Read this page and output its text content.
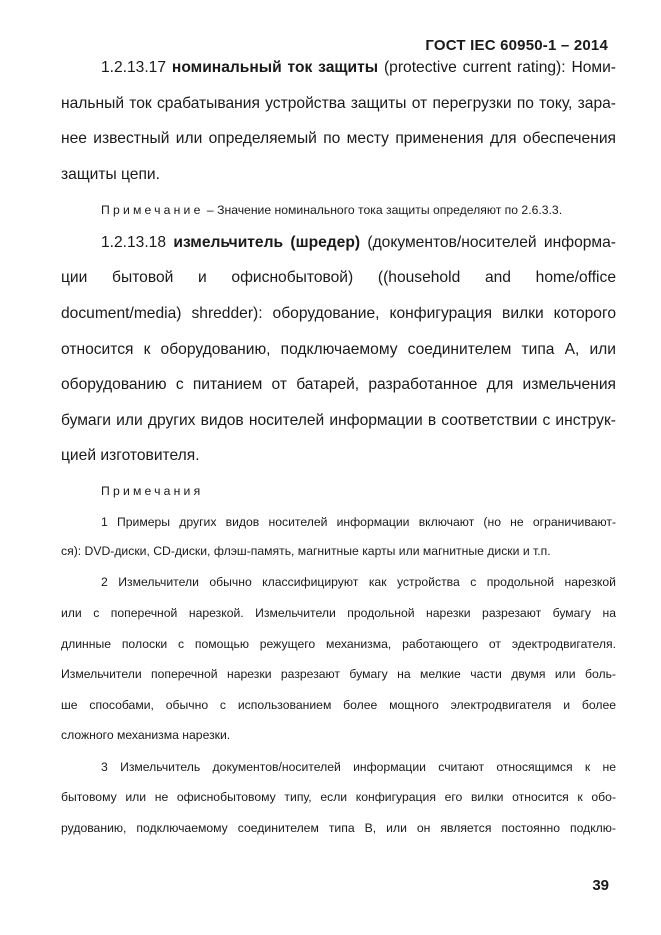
ГОСТ IEC 60950-1 – 2014
1.2.13.17 номинальный ток защиты (protective current rating): Номи-
нальный ток срабатывания устройства защиты от перегрузки по току, зара-
нее известный или определяемый по месту применения для обеспечения
защиты цепи.
Примечание – Значение номинального тока защиты определяют по 2.6.3.3.
1.2.13.18 измельчитель (шредер) (документов/носителей информа-
ции бытовой и офиснобытовой) ((household and home/office
document/media) shredder): оборудование, конфигурация вилки которого
относится к оборудованию, подключаемому соединителем типа А, или
оборудованию с питанием от батарей, разработанное для измельчения
бумаги или других видов носителей информации в соответствии с инструк-
цией изготовителя.
Примечания
1 Примеры других видов носителей информации включают (но не ограничивают-
ся): DVD-диски, CD-диски, флэш-память, магнитные карты или магнитные диски и т.п.
2 Измельчители обычно классифицируют как устройства с продольной нарезкой
или с поперечной нарезкой. Измельчители продольной нарезки разрезают бумагу на
длинные полоски с помощью режущего механизма, работающего от эдектродвигателя.
Измельчители поперечной нарезки разрезают бумагу на мелкие части двумя или боль-
ше способами, обычно с использованием более мощного электродвигателя и более
сложного механизма нарезки.
3 Измельчитель документов/носителей информации считают относящимся к не
бытовому или не офиснобытовому типу, если конфигурация его вилки относится к обо-
рудованию, подключаемому соединителем типа В, или он является постоянно подклю-
39
